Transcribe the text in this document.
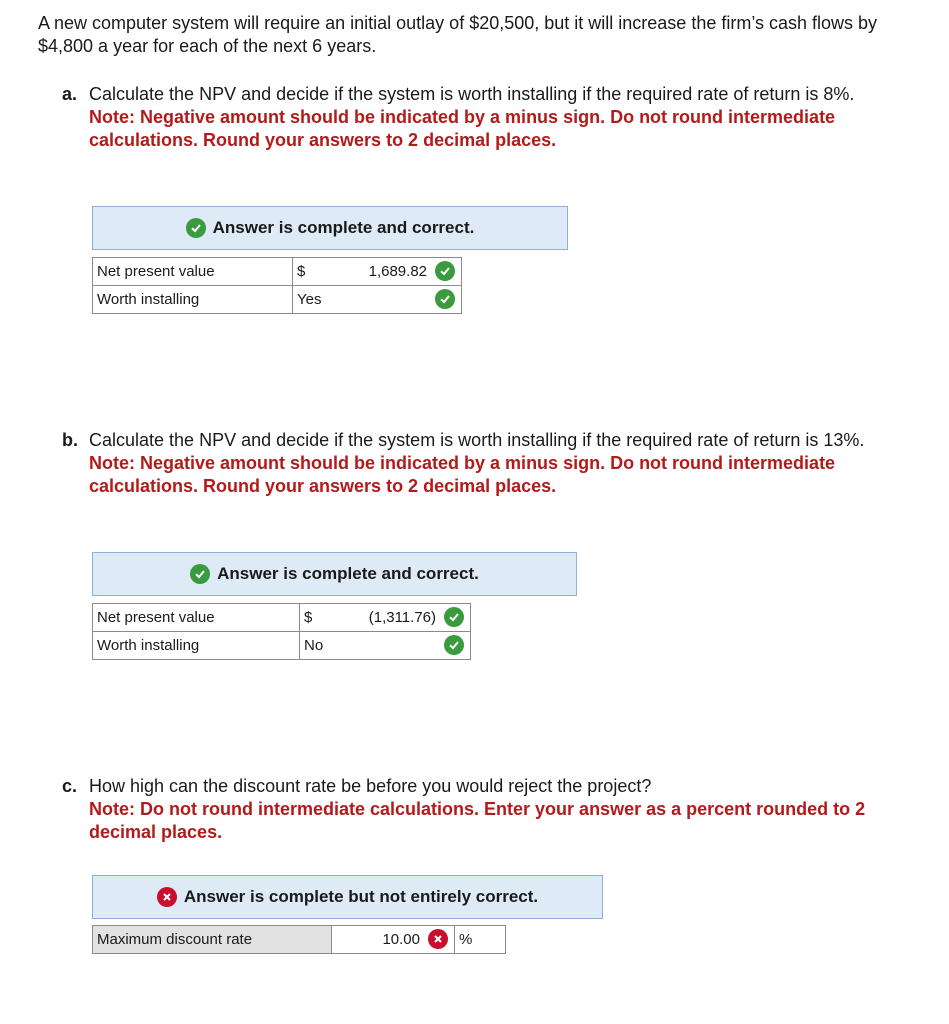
A new computer system will require an initial outlay of $20,500, but it will increase the firm’s cash flows by $4,800 a year for each of the next 6 years.
a. Calculate the NPV and decide if the system is worth installing if the required rate of return is 8%.
Note: Negative amount should be indicated by a minus sign. Do not round intermediate calculations. Round your answers to 2 decimal places.
Answer is complete and correct.
Net present value	$ 1,689.82

Worth installing	Yes
b. Calculate the NPV and decide if the system is worth installing if the required rate of return is 13%.
Note: Negative amount should be indicated by a minus sign. Do not round intermediate calculations. Round your answers to 2 decimal places.
Answer is complete and correct.
Net present value	$ (1,311.76)

Worth installing	No
c. How high can the discount rate be before you would reject the project?
Note: Do not round intermediate calculations. Enter your answer as a percent rounded to 2 decimal places.
Answer is complete but not entirely correct.
Maximum discount rate	10.00	%
